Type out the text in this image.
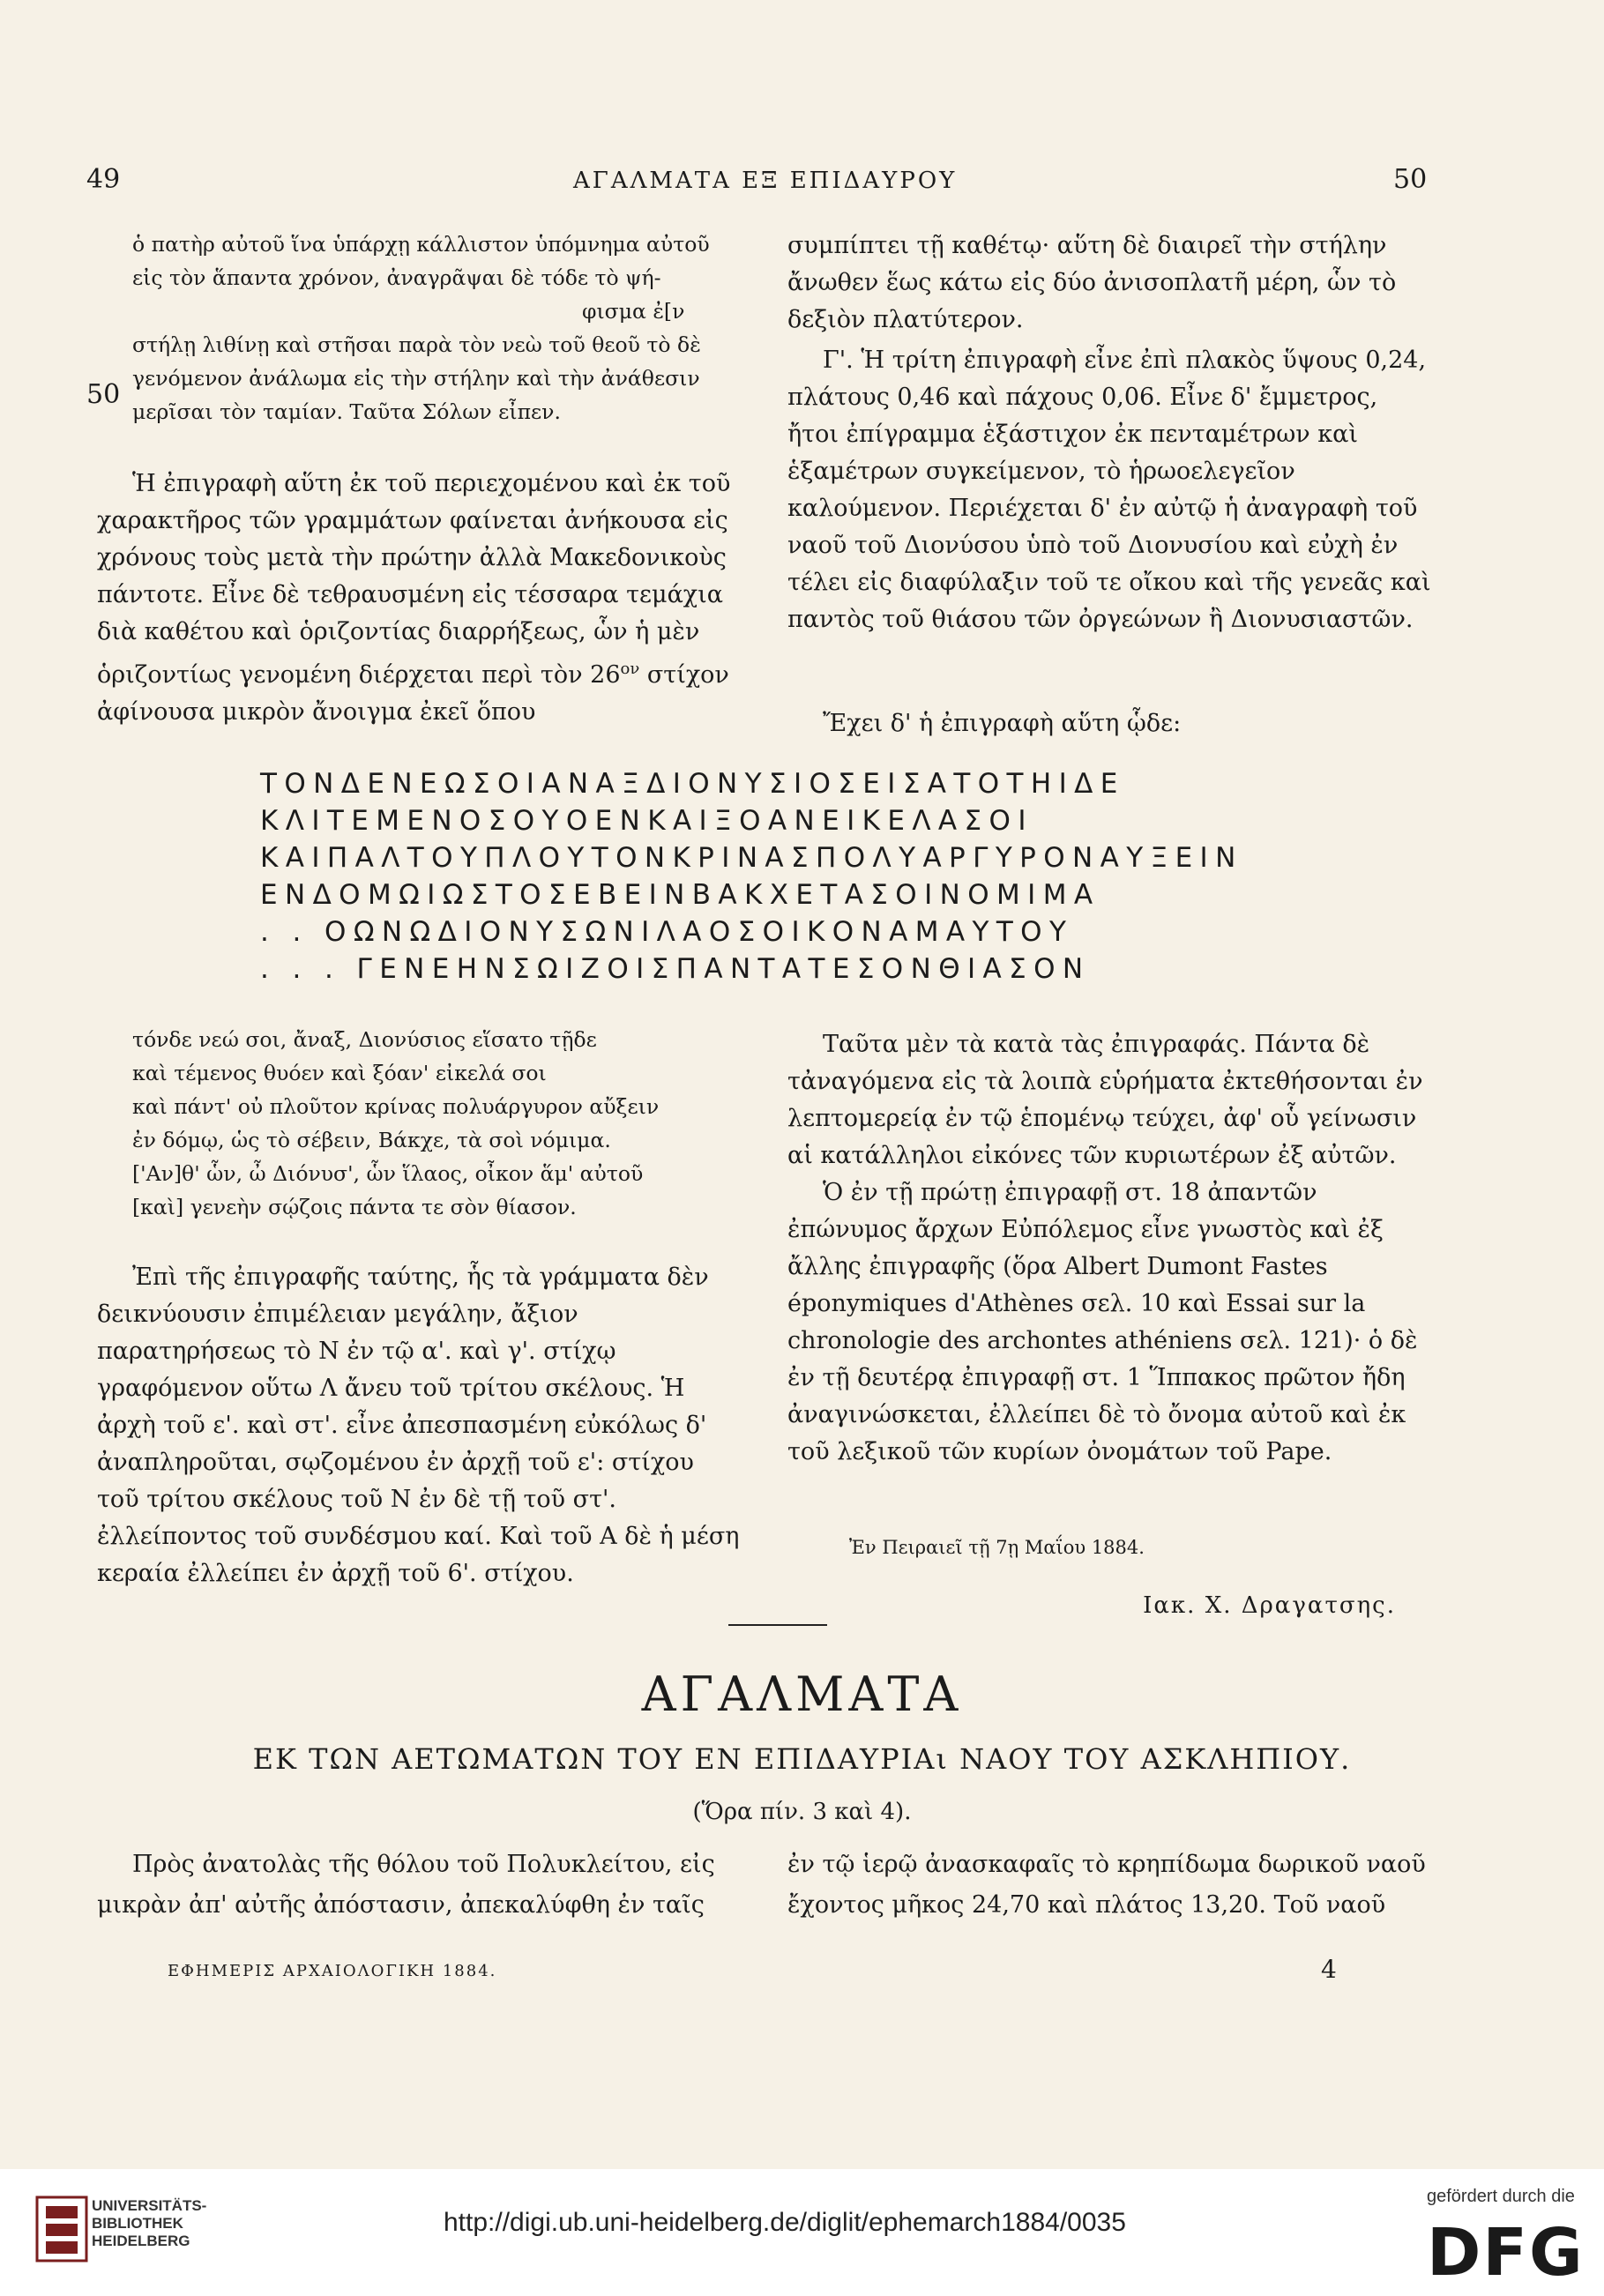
49	ΑΓΑΛΜΑΤΑ ΕΞ ΕΠΙΔΑΥΡΟΥ	50
50
ὁ πατὴρ αὐτοῦ ἵνα ὑπάρχῃ κάλλιστον ὑπόμνημα αὐτοῦ
εἰς τὸν ἅπαντα χρόνον, ἀναγρᾶψαι δὲ τόδε τὸ ψή-
φισμα ἐ[ν
στήλῃ λιθίνῃ καὶ στῆσαι παρὰ τὸν νεὼ τοῦ θεοῦ τὸ δὲ
γενόμενον ἀνάλωμα εἰς τὴν στήλην καὶ τὴν ἀνάθεσιν
μερῖσαι τὸν ταμίαν. Ταῦτα Σόλων εἶπεν.

Ἡ ἐπιγραφὴ αὕτη ἐκ τοῦ περιεχομένου καὶ ἐκ τοῦ χαρακτῆρος τῶν γραμμάτων φαίνεται ἀνήκουσα εἰς χρόνους τοὺς μετὰ τὴν πρώτην ἀλλὰ Μακεδονικοὺς πάντοτε. Εἶνε δὲ τεθραυσμένη εἰς τέσσαρα τεμάχια διὰ καθέτου καὶ ὁριζοντίας διαρρήξεως, ὧν ἡ μὲν ὁριζοντίως γενομένη διέρχεται περὶ τὸν $26^{o\nu}$ στίχον ἀφίνουσα μικρὸν ἄνοιγμα ἐκεῖ ὅπου

συμπίπτει τῇ καθέτῳ· αὕτη δὲ διαιρεῖ τὴν στήλην ἄνωθεν ἕως κάτω εἰς δύο ἀνισοπλατῆ μέρη, ὧν τὸ δεξιὸν πλατύτερον.

Γ'. Ἡ τρίτη ἐπιγραφὴ εἶνε ἐπὶ πλακὸς ὕψους 0,24, πλάτους 0,46 καὶ πάχους 0,06. Εἶνε δ' ἔμμετρος, ἤτοι ἐπίγραμμα ἑξάστιχον ἐκ πενταμέτρων καὶ ἑξαμέτρων συγκείμενον, τὸ ἡρωοελεγεῖον καλούμενον. Περιέχεται δ' ἐν αὐτῷ ἡ ἀναγραφὴ τοῦ ναοῦ τοῦ Διονύσου ὑπὸ τοῦ Διονυσίου καὶ εὐχὴ ἐν τέλει εἰς διαφύλαξιν τοῦ τε οἴκου καὶ τῆς γενεᾶς καὶ παντὸς τοῦ θιάσου τῶν ὀργεώνων ἢ Διονυσιαστῶν.

Ἔχει δ' ἡ ἐπιγραφὴ αὕτη ᾧδε:

ΤΟΝΔΕΝΕΩΣΟΙΑΝΑΞΔΙΟΝΥΣΙΟΣΕΙΣΑΤΟΤΗΙΔΕ
ΚΛΙΤΕΜΕΝΟΣΟΥΟΕΝΚΑΙΞΟΑΝΕΙΚΕΛΑΣΟΙ
ΚΑΙΠΑΛΤΟΥΠΛΟΥΤΟΝΚΡΙΝΑΣΠΟΛΥΑΡΓΥΡΟΝΑΥΞΕΙΝ
ΕΝΔΟΜΩΙΩΣΤΟΣΕΒΕΙΝΒΑΚΧΕΤΑΣΟΙΝΟΜΙΜΑ
. . ΟΩΝΩΔΙΟΝΥΣΩΝΙΛΑΟΣΟΙΚΟΝΑΜΑΥΤΟΥ
. . . ΓΕΝΕΗΝΣΩΙΖΟΙΣΠΑΝΤΑΤΕΣΟΝΘΙΑΣΟΝ
τόνδε νεώ σοι, ἄναξ, Διονύσιος εἵσατο τῇδε
καὶ τέμενος θυόεν καὶ ξόαν' εἰκελά σοι
καὶ πάντ' οὐ πλοῦτον κρίνας πολυάργυρον αὔξειν
ἐν δόμῳ, ὡς τὸ σέβειν, Βάκχε, τὰ σοὶ νόμιμα.
['Αν]θ' ὧν, ὦ Διόνυσ', ὧν ἵλαος, οἶκον ἅμ' αὐτοῦ
[καὶ] γενεὴν σῴζοις πάντα τε σὸν θίασον.

Ἐπὶ τῆς ἐπιγραφῆς ταύτης, ἧς τὰ γράμματα δὲν δεικνύουσιν ἐπιμέλειαν μεγάλην, ἄξιον παρατηρήσεως τὸ Ν ἐν τῷ α'. καὶ γ'. στίχῳ γραφόμενον οὕτω Λ ἄνευ τοῦ τρίτου σκέλους. Ἡ ἀρχὴ τοῦ ε'. καὶ στ'. εἶνε ἀπεσπασμένη εὐκόλως δ' ἀναπληροῦται, σῳζομένου ἐν ἀρχῇ τοῦ ε': στίχου τοῦ τρίτου σκέλους τοῦ Ν ἐν δὲ τῇ τοῦ στ'. ἐλλείποντος τοῦ συνδέσμου καί. Καὶ τοῦ Α δὲ ἡ μέση κεραία ἐλλείπει ἐν ἀρχῇ τοῦ 6'. στίχου.

Ταῦτα μὲν τὰ κατὰ τὰς ἐπιγραφάς. Πάντα δὲ τἀναγόμενα εἰς τὰ λοιπὰ εὑρήματα ἐκτεθήσονται ἐν λεπτομερείᾳ ἐν τῷ ἑπομένῳ τεύχει, ἀφ' οὗ γείνωσιν αἱ κατάλληλοι εἰκόνες τῶν κυριωτέρων ἐξ αὐτῶν.

Ὁ ἐν τῇ πρώτῃ ἐπιγραφῇ στ. 18 ἀπαντῶν ἐπώνυμος ἄρχων Εὐπόλεμος εἶνε γνωστὸς καὶ ἐξ ἄλλης ἐπιγραφῆς (ὅρα Albert Dumont Fastes éponymiques d'Athènes σελ. 10 καὶ Essai sur la chronologie des archontes athéniens σελ. 121)· ὁ δὲ ἐν τῇ δευτέρᾳ ἐπιγραφῇ στ. 1 Ἵππακος πρῶτον ἤδη ἀναγινώσκεται, ἐλλείπει δὲ τὸ ὄνομα αὐτοῦ καὶ ἐκ τοῦ λεξικοῦ τῶν κυρίων ὀνομάτων τοῦ Pape.

Ἐν Πειραιεῖ τῇ 7ῃ Μαΐου 1884.

Ιακ. Χ. Δραγατσης.

ΑΓΑΛΜΑΤΑ
ΕΚ ΤΩΝ ΑΕΤΩΜΑΤΩΝ ΤΟΥ ΕΝ ΕΠΙΔΑΥΡΙΑι ΝΑΟΥ ΤΟΥ ΑΣΚΛΗΠΙΟΥ.
(Ὅρα πίν. 3 καὶ 4).

Πρὸς ἀνατολὰς τῆς θόλου τοῦ Πολυκλείτου, εἰς μικρὰν ἀπ' αὐτῆς ἀπόστασιν, ἀπεκαλύφθη ἐν ταῖς

ἐν τῷ ἱερῷ ἀνασκαφαῖς τὸ κρηπίδωμα δωρικοῦ ναοῦ ἔχοντος μῆκος 24,70 καὶ πλάτος 13,20. Τοῦ ναοῦ

ΕΦΗΜΕΡΙΣ ΑΡΧΑΙΟΛΟΓΙΚΗ 1884.	4
UNIVERSITÄTS-
BIBLIOTHEK
HEIDELBERG
http://digi.ub.uni-heidelberg.de/diglit/ephemarch1884/0035
gefördert durch die
DFG
